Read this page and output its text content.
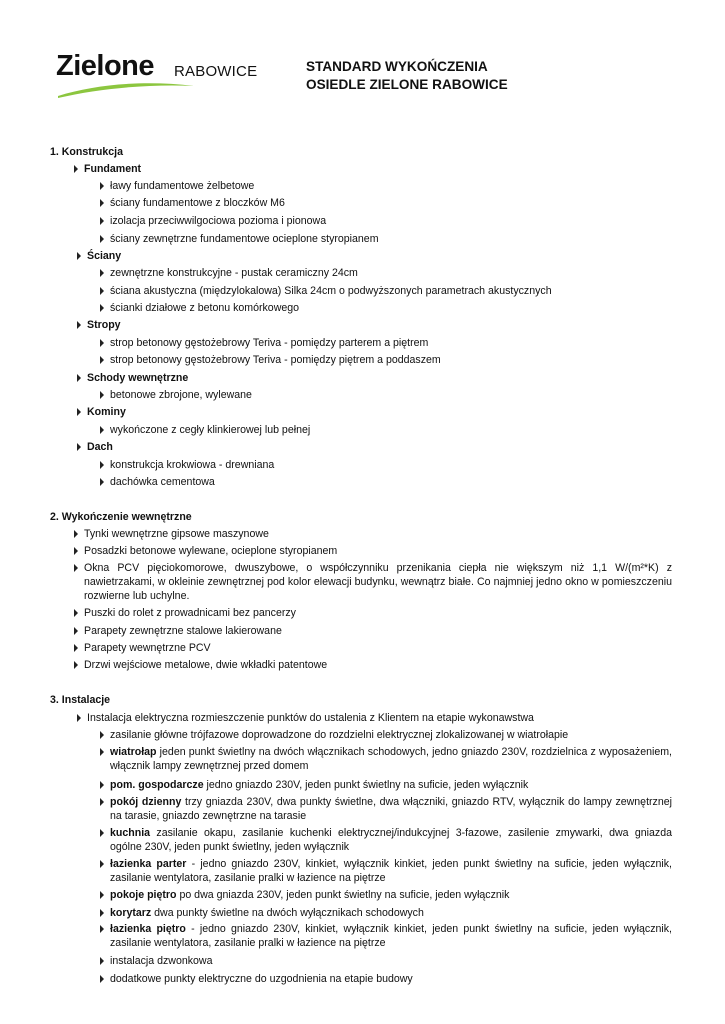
Zielone RABOWICE	STANDARD WYKOŃCZENIA
OSIEDLE ZIELONE RABOWICE
1. Konstrukcja
Fundament
ławy fundamentowe żelbetowe
ściany fundamentowe z bloczków M6
izolacja przeciwwilgociowa pozioma i pionowa
ściany zewnętrzne fundamentowe ocieplone styropianem
Ściany
zewnętrzne konstrukcyjne - pustak ceramiczny 24cm
ściana akustyczna (międzylokalowa) Silka 24cm o podwyższonych parametrach akustycznych
ścianki działowe z betonu komórkowego
Stropy
strop betonowy gęstożebrowy Teriva - pomiędzy parterem a piętrem
strop betonowy gęstożebrowy Teriva - pomiędzy piętrem a poddaszem
Schody wewnętrzne
betonowe zbrojone, wylewane
Kominy
wykończone z cegły klinkierowej lub pełnej
Dach
konstrukcja krokwiowa - drewniana
dachówka cementowa
2. Wykończenie wewnętrzne
Tynki wewnętrzne gipsowe maszynowe
Posadzki betonowe wylewane, ocieplone styropianem
Okna PCV pięciokomorowe, dwuszybowe, o współczynniku przenikania ciepła nie większym niż 1,1 W/(m²*K) z nawietrzakami, w okleinie zewnętrznej pod kolor elewacji budynku, wewnątrz białe. Co najmniej jedno okno w pomieszczeniu rozwierne lub uchylne.
Puszki do rolet z prowadnicami bez pancerzy
Parapety zewnętrzne stalowe lakierowane
Parapety wewnętrzne PCV
Drzwi wejściowe metalowe, dwie wkładki patentowe
3. Instalacje
Instalacja elektryczna rozmieszczenie punktów do ustalenia z Klientem na etapie wykonawstwa
zasilanie główne trójfazowe doprowadzone do rozdzielni elektrycznej zlokalizowanej w wiatrołapie
wiatrołap jeden punkt świetlny na dwóch włącznikach schodowych, jedno gniazdo 230V, rozdzielnica z wyposażeniem, włącznik lampy zewnętrznej przed domem
pom. gospodarcze jedno gniazdo 230V, jeden punkt świetlny na suficie, jeden wyłącznik
pokój dzienny trzy gniazda 230V, dwa punkty świetlne, dwa włączniki, gniazdo RTV, wyłącznik do lampy zewnętrznej na tarasie, gniazdo zewnętrzne na tarasie
kuchnia zasilanie okapu, zasilanie kuchenki elektrycznej/indukcyjnej 3-fazowe, zasilenie zmywarki, dwa gniazda ogólne 230V, jeden punkt świetlny, jeden wyłącznik
łazienka parter - jedno gniazdo 230V, kinkiet, wyłącznik kinkiet, jeden punkt świetlny na suficie, jeden wyłącznik, zasilanie wentylatora, zasilanie pralki w łazience na piętrze
pokoje piętro po dwa gniazda 230V, jeden punkt świetlny na suficie, jeden wyłącznik
korytarz dwa punkty świetlne na dwóch wyłącznikach schodowych
łazienka piętro - jedno gniazdo 230V, kinkiet, wyłącznik kinkiet, jeden punkt świetlny na suficie, jeden wyłącznik, zasilanie wentylatora, zasilanie pralki w łazience na piętrze
instalacja dzwonkowa
dodatkowe punkty elektryczne do uzgodnienia na etapie budowy
